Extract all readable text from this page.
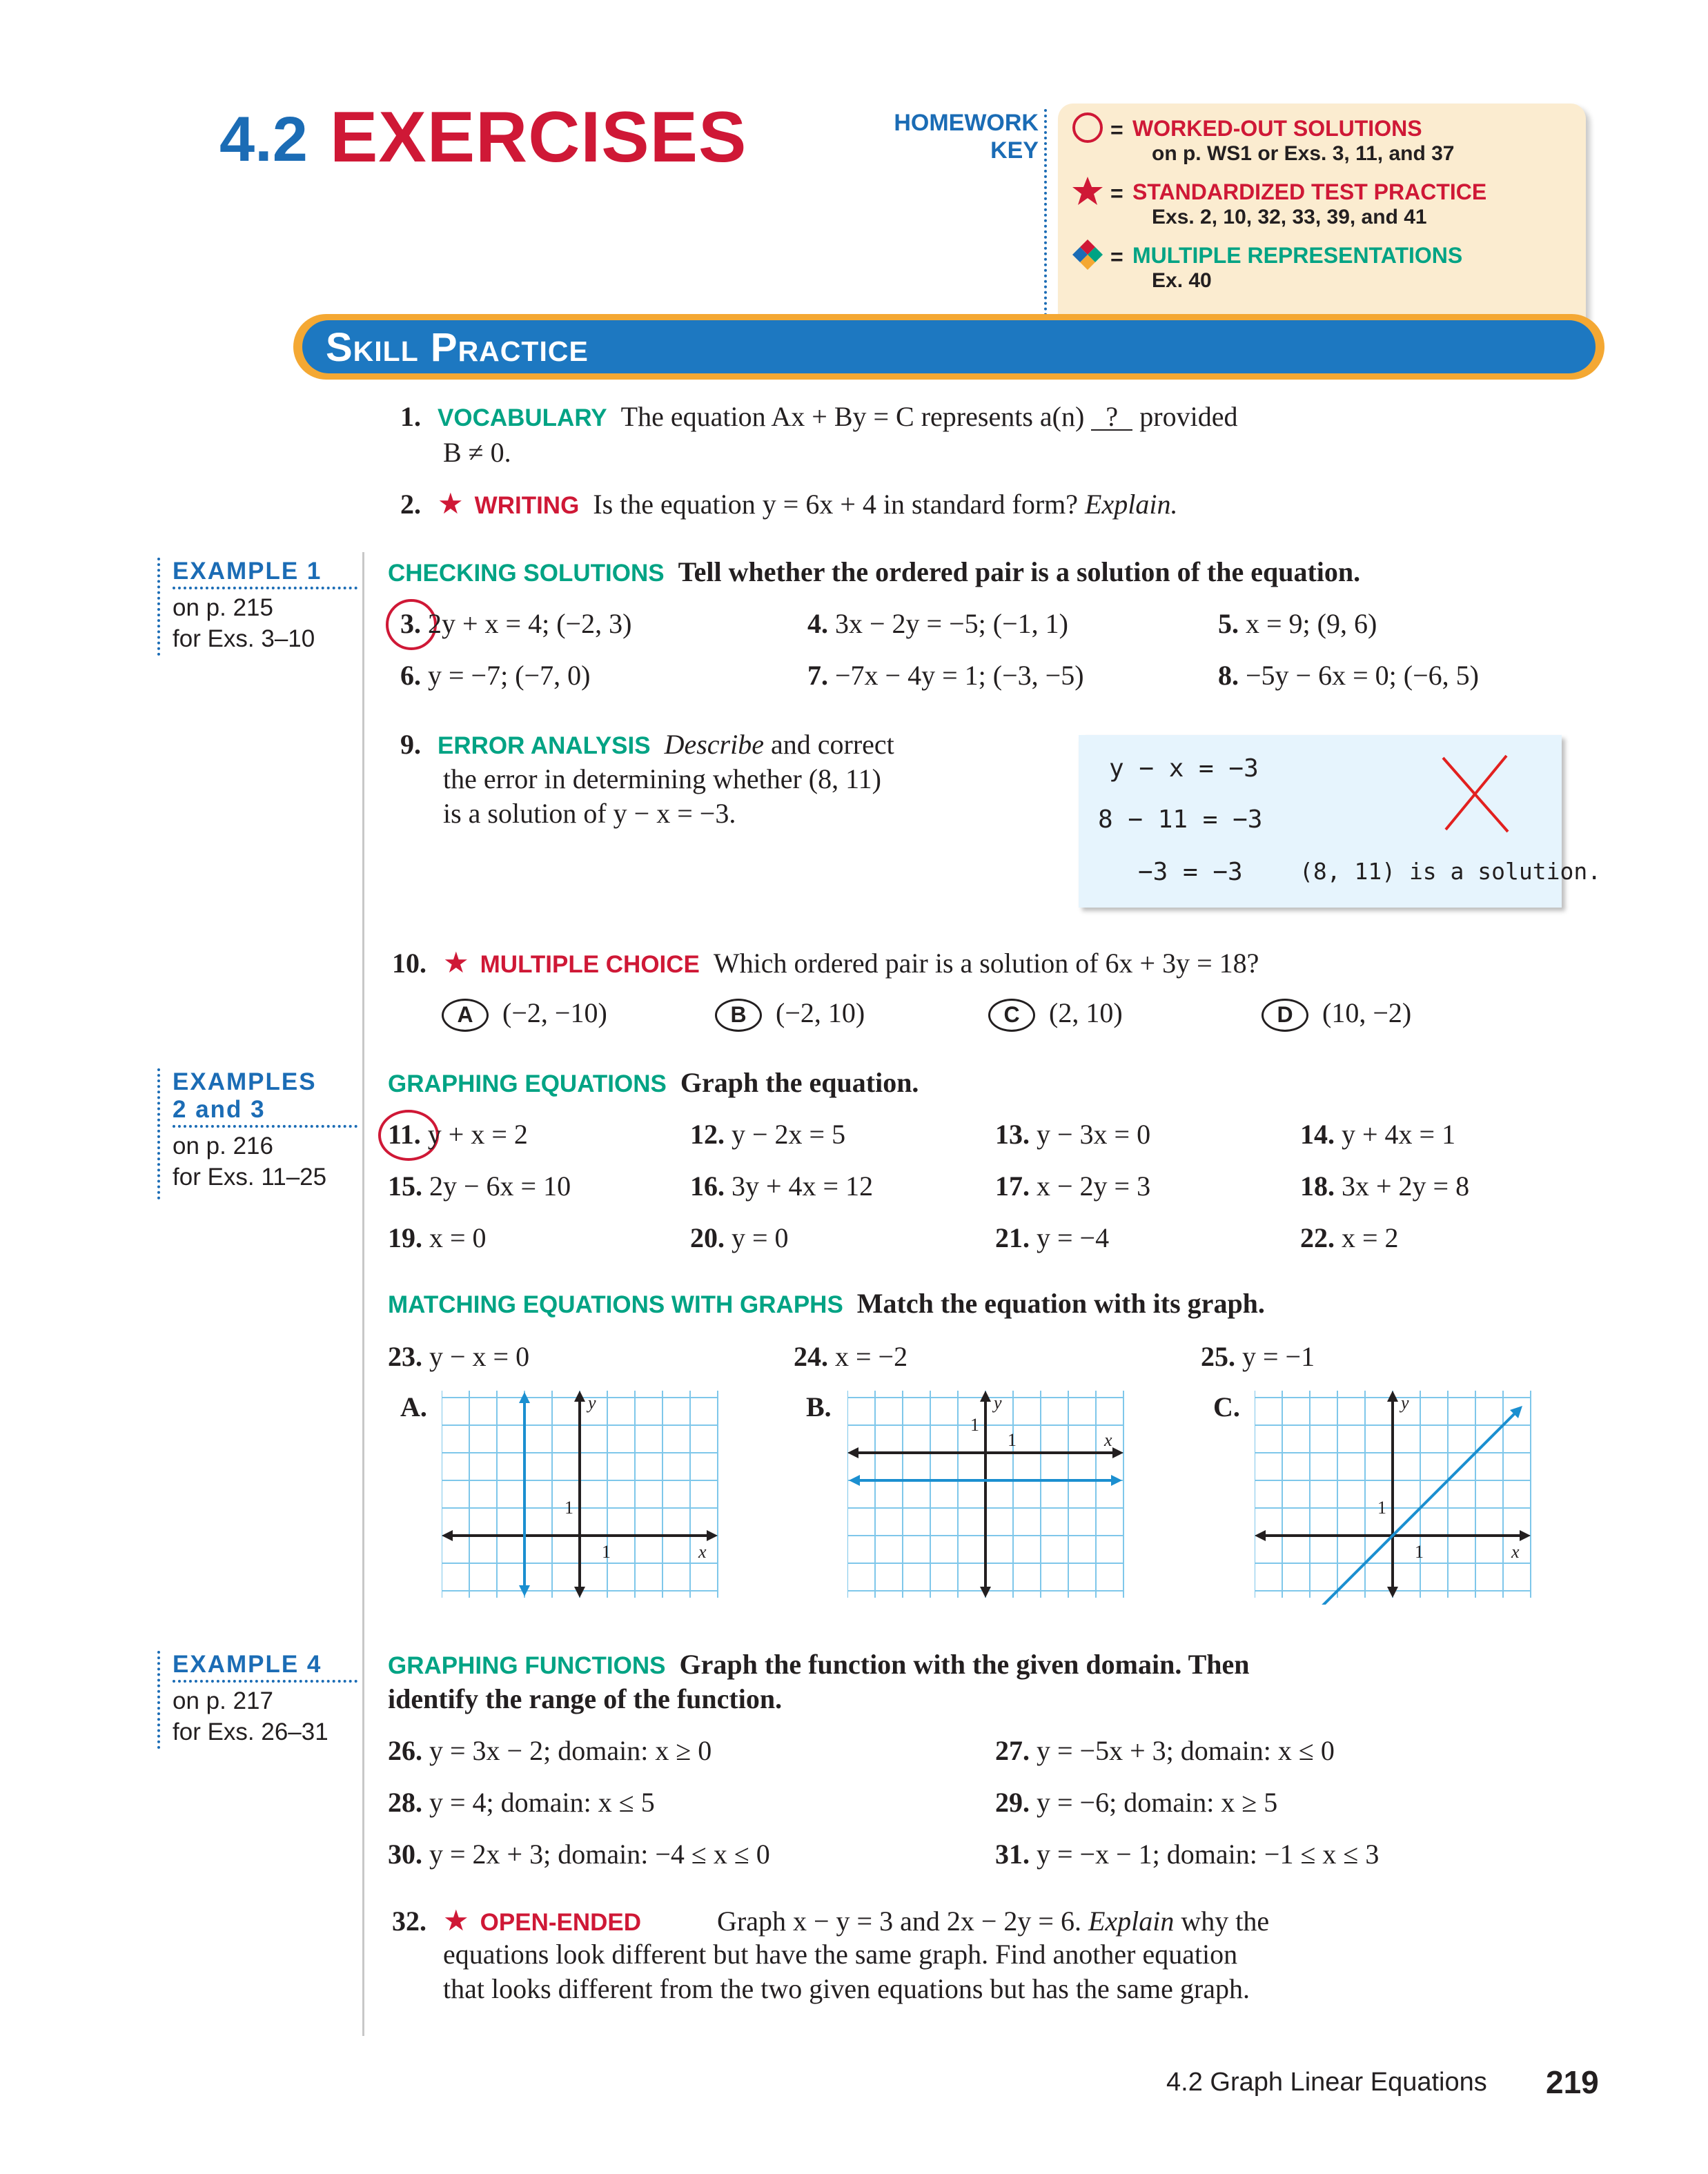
4.2 EXERCISES	HOMEWORK
KEY
= WORKED-OUT SOLUTIONS
on p. WS1 or Exs. 3, 11, and 37
= STANDARDIZED TEST PRACTICE
Exs. 2, 10, 32, 33, 39, and 41
= MULTIPLE REPRESENTATIONS
Ex. 40
Skill Practice
1. VOCABULARY The equation Ax + By = C represents a(n) ? provided
B ≠ 0.
2. ★ WRITING Is the equation y = 6x + 4 in standard form? Explain.
EXAMPLE 1
on p. 215
for Exs. 3–10
EXAMPLES
2 and 3
on p. 216
for Exs. 11–25
EXAMPLE 4
on p. 217
for Exs. 26–31
CHECKING SOLUTIONS Tell whether the ordered pair is a solution of the equation.
3. 2y + x = 4; (−2, 3)	4. 3x − 2y = −5; (−1, 1)	5. x = 9; (9, 6)
6. y = −7; (−7, 0)	7. −7x − 4y = 1; (−3, −5)	8. −5y − 6x = 0; (−6, 5)
9. ERROR ANALYSIS Describe and correct
the error in determining whether (8, 11)
is a solution of y − x = −3.
y − x = −3
8 − 11 = −3
−3 = −3 (8, 11) is a solution.
10. ★ MULTIPLE CHOICE Which ordered pair is a solution of 6x + 3y = 18?
A (−2, −10)	B (−2, 10)	C (2, 10)	D (10, −2)
GRAPHING EQUATIONS Graph the equation.
11. y + x = 2	12. y − 2x = 5	13. y − 3x = 0	14. y + 4x = 1
15. 2y − 6x = 10	16. 3y + 4x = 12	17. x − 2y = 3	18. 3x + 2y = 8
19. x = 0	20. y = 0	21. y = −4	22. x = 2
MATCHING EQUATIONS WITH GRAPHS Match the equation with its graph.
23. y − x = 0	24. x = −2	25. y = −1
A.	B.	C.
y
x
1
1
y
x
1
1
y
x
1
1
GRAPHING FUNCTIONS Graph the function with the given domain. Then
identify the range of the function.
26. y = 3x − 2; domain: x ≥ 0	27. y = −5x + 3; domain: x ≤ 0
28. y = 4; domain: x ≤ 5	29. y = −6; domain: x ≥ 5
30. y = 2x + 3; domain: −4 ≤ x ≤ 0	31. y = −x − 1; domain: −1 ≤ x ≤ 3
32. ★ OPEN-ENDED	Graph x − y = 3 and 2x − 2y = 6. Explain why the
equations look different but have the same graph. Find another equation
that looks different from the two given equations but has the same graph.
4.2 Graph Linear Equations 219
